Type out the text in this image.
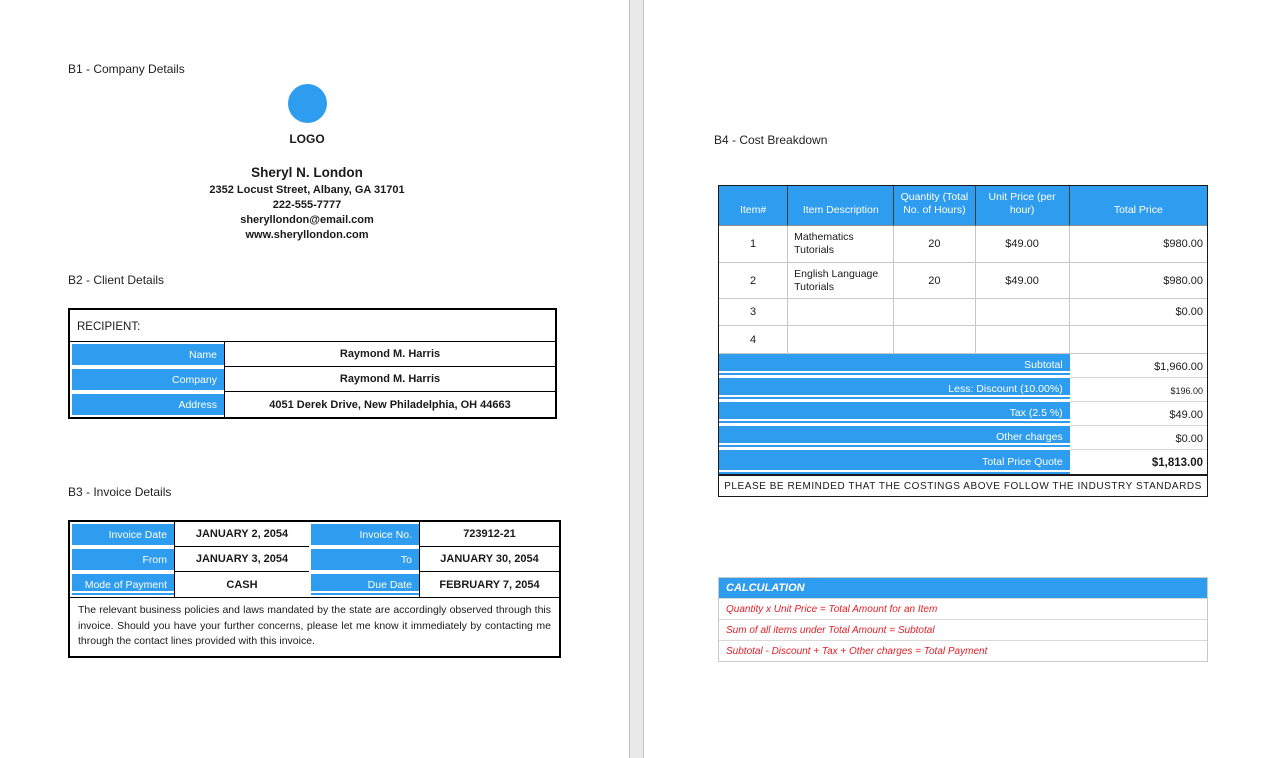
B1 - Company Details
LOGO
Sheryl N. London
2352 Locust Street, Albany, GA 31701
222-555-7777
sheryllondon@email.com
www.sheryllondon.com
B2 - Client Details
RECIPIENT:	

Name	Raymond M. Harris

Company	Raymond M. Harris

Address	4051 Derek Drive, New Philadelphia, OH 44663
B3 - Invoice Details
Invoice Date	JANUARY 2, 2054	Invoice No.	723912-21

From	JANUARY 3, 2054	To	JANUARY 30, 2054

Mode of Payment	CASH	Due Date	FEBRUARY 7, 2054
The relevant business policies and laws mandated by the state are accordingly observed through this invoice. Should you have your further concerns, please let me know it immediately by contacting me through the contact lines provided with this invoice.			
B4 - Cost Breakdown
Item#	Item Description	Quantity (Total No. of Hours)	Unit Price (per hour)	Total Price
1	Mathematics Tutorials	20	$49.00	$980.00
2	English Language Tutorials	20	$49.00	$980.00
3				$0.00
4				
Subtotal				$1,960.00
Less: Discount (10.00%)				$196.00
Tax (2.5 %)				$49.00
Other charges				$0.00
Total Price Quote				$1,813.00
PLEASE BE REMINDED THAT THE COSTINGS ABOVE FOLLOW THE INDUSTRY STANDARDS				
CALCULATION
Quantity x Unit Price = Total Amount for an Item
Sum of all items under Total Amount = Subtotal
Subtotal - Discount + Tax + Other charges = Total Payment
